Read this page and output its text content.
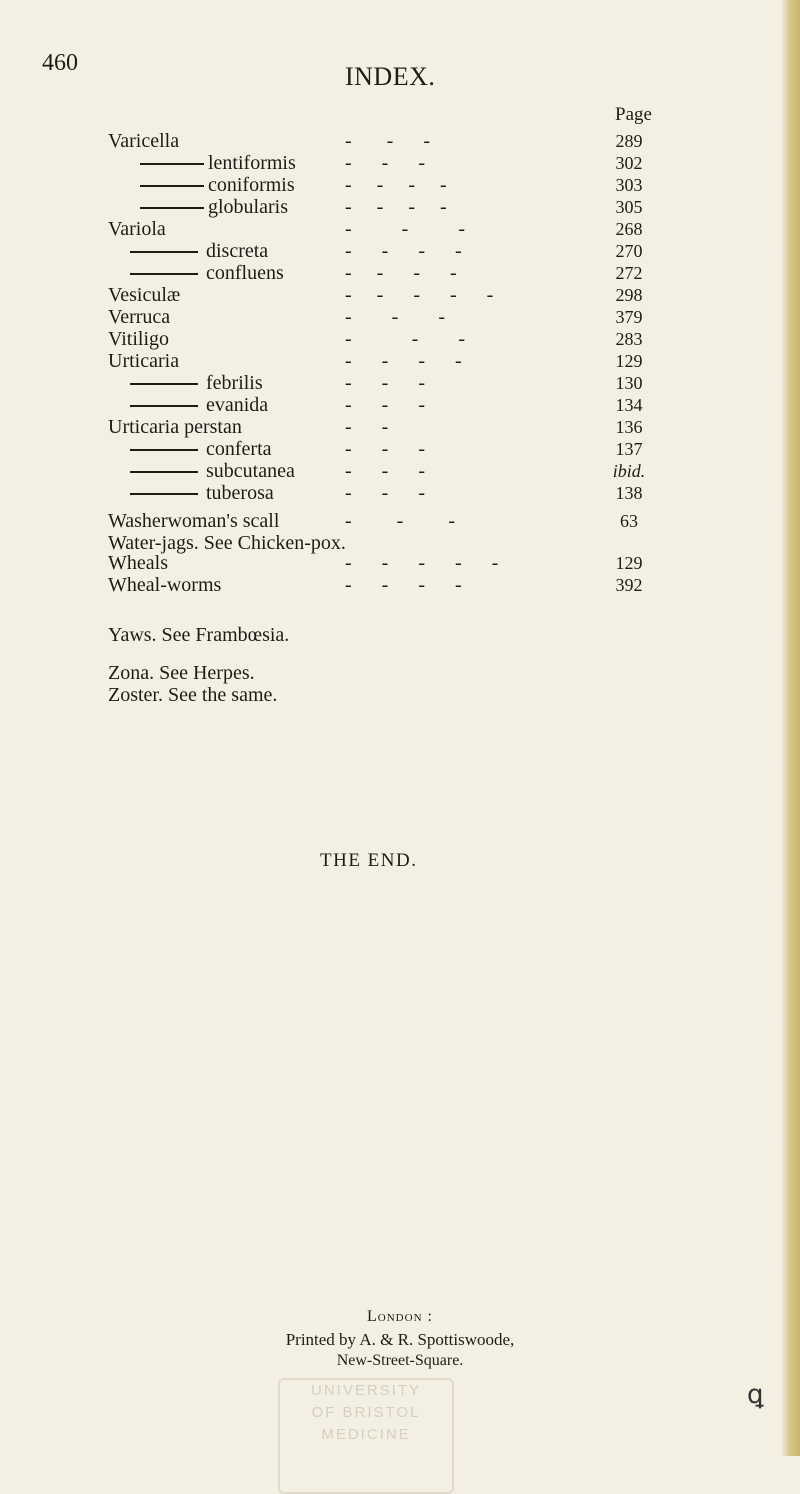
460	INDEX.
Page
Varicella	-       -      -	289
lentiformis -      -      -	302
coniformis	-     -     -     -	303
globularis	-     -     -     -	305
Variola	-          -          -	268
discreta	-      -      -      -	270
confluens	-     -      -      -	272
Vesiculæ	-     -      -      -      -	298
Verruca	-        -        -	379
Vitiligo	-            -        -	283
Urticaria	-      -      -      -	129
febrilis	-      -      -	130
evanida	-      -      -	134
Urticaria perstan	-      -	136
conferta	-      -      -	137
subcutanea	-      -      -	ibid.
tuberosa	-      -      -	138
Washerwoman's scall	-         -         -	63
Water-jags. See Chicken-pox.
Wheals	-      -      -      -      -	129
Wheal-worms	-      -      -      -	392
Yaws. See Frambœsia.
Zona. See Herpes.
Zoster. See the same.
THE END.
London :
Printed by A. & R. Spottiswoode,
New-Street-Square.
UNIVERSITY
OF BRISTOL
MEDICINE
ꝗ
